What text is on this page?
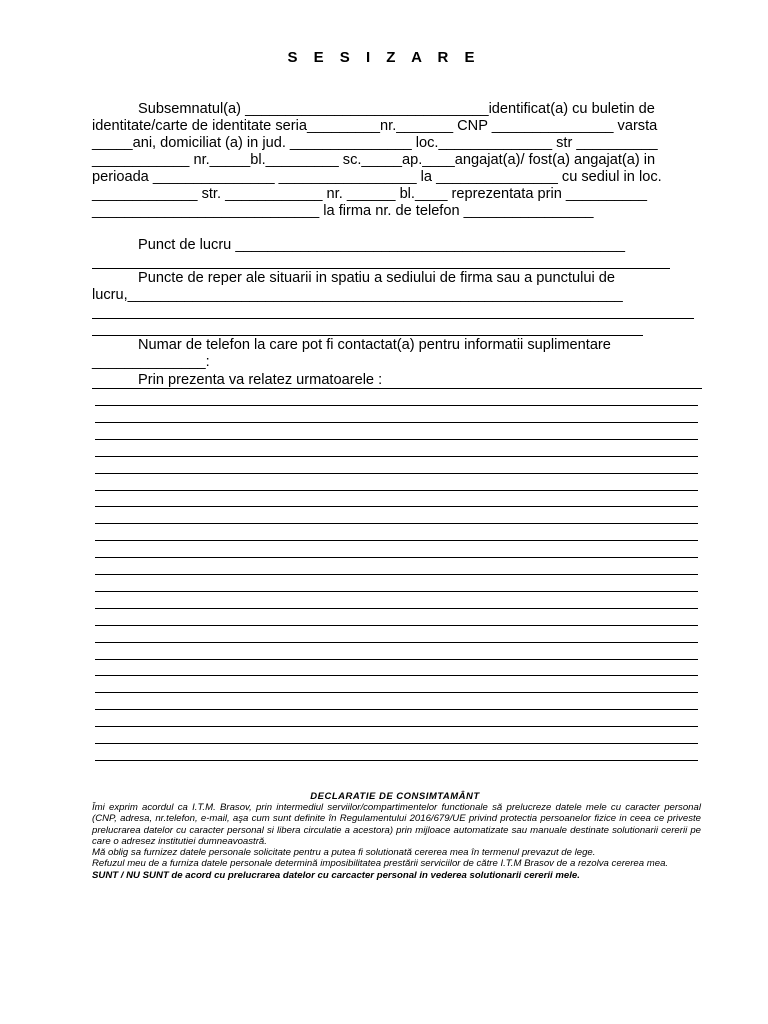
S E S I Z A R E
Subsemnatul(a) ______________________________identificat(a) cu buletin de
identitate/carte de identitate seria_________nr._______ CNP _______________ varsta
_____ani, domiciliat (a) in jud. _______________ loc.______________ str __________
____________ nr._____bl._________ sc._____ap.____angajat(a)/ fost(a) angajat(a) in
perioada _______________ _________________ la _______________ cu sediul in loc.
_____________ str. ____________ nr. ______ bl.____ reprezentata prin __________
____________________________ la firma nr. de telefon ________________
Punct de lucru ________________________________________________
Puncte de reper ale situarii in spatiu a sediului de firma sau a punctului de
lucru,_____________________________________________________________
Numar de telefon la care pot fi contactat(a) pentru informatii suplimentare
______________:
Prin prezenta va relatez urmatoarele :
DECLARATIE DE CONSIMTAMÂNT
Îmi exprim acordul ca I.T.M. Brasov, prin intermediul serviilor/compartimentelor functionale să prelucreze datele mele cu caracter personal (CNP, adresa, nr.telefon, e-mail, aşa cum sunt definite în Regulamentului 2016/679/UE privind protectia persoanelor fizice in ceea ce priveste prelucrarea datelor cu caracter personal si libera circulatie a acestora) prin mijloace automatizate sau manuale destinate solutionarii cererii pe care o adresez institutiei dumneavoastră.
Mă oblig sa furnizez datele personale solicitate pentru a putea fi solutionată cererea mea în termenul prevazut de lege.
Refuzul meu de a furniza datele personale determină imposibilitatea prestării serviciilor de către I.T.M Brasov de a rezolva cererea mea.
SUNT / NU SUNT de acord cu prelucrarea datelor cu carcacter personal in vederea solutionarii cererii mele.
